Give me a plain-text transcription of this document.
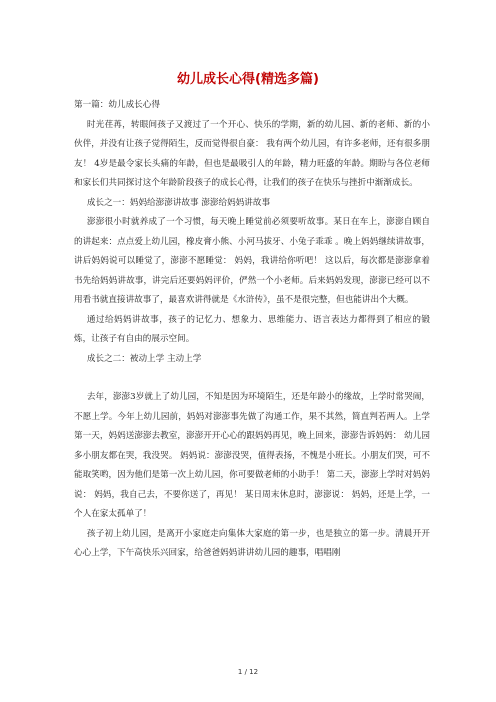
幼儿成长心得(精选多篇)

第一篇：幼儿成长心得

时光荏苒，转眼间孩子又渡过了一个开心、快乐的学期，新的幼儿园、新的老师、新的小伙伴，并没有让孩子觉得陌生，反而觉得很自豪： 我有两个幼儿园，有许多老师，还有很多朋友！ 4岁是最令家长头痛的年龄，但也是最吸引人的年龄，精力旺盛的年龄。期盼与各位老师和家长们共同探讨这个年龄阶段孩子的成长心得，让我们的孩子在快乐与挫折中渐渐成长。

成长之一：妈妈给澎澎讲故事 澎澎给妈妈讲故事

澎澎很小时就养成了一个习惯，每天晚上睡觉前必须要听故事。某日在车上，澎澎自顾自的讲起来：点点爱上幼儿园，橡皮膏小熊、小河马拔牙、小兔子乖乖 。晚上妈妈继续讲故事，讲后妈妈说可以睡觉了，澎澎不愿睡觉： 妈妈，我讲给你听吧！ 这以后，每次都是澎澎拿着书先给妈妈讲故事，讲完后还要妈妈评价，俨然一个小老师。后来妈妈发现，澎澎已经可以不用看书就直接讲故事了，最喜欢讲得就是《水浒传》，虽不是很完整，但也能讲出个大概。

通过给妈妈讲故事，孩子的记忆力、想象力、思维能力、语言表达力都得到了相应的锻炼，让孩子有自由的展示空间。

成长之二：被动上学 主动上学

去年，澎澎3岁就上了幼儿园，不知是因为环境陌生，还是年龄小的缘故，上学时常哭闹，不愿上学。今年上幼儿园前，妈妈对澎澎事先做了沟通工作，果不其然，简直判若两人。上学第一天，妈妈送澎澎去教室，澎澎开开心心的跟妈妈再见，晚上回来，澎澎告诉妈妈： 幼儿园多小朋友都在哭，我没哭。 妈妈说：澎澎没哭，值得表扬，不愧是小班长。小朋友们哭，可不能取笑哟，因为他们是第一次上幼儿园，你可要做老师的小助手！ 第二天，澎澎上学时对妈妈说： 妈妈，我自己去，不要你送了，再见！ 某日周末休息时，澎澎说： 妈妈，还是上学，一个人在家太孤单了！

孩子初上幼儿园，是离开小家庭走向集体大家庭的第一步，也是独立的第一步。清晨开开心心上学，下午高快乐兴回家，给爸爸妈妈讲讲幼儿园的趣事，唱唱刚

1 / 12
